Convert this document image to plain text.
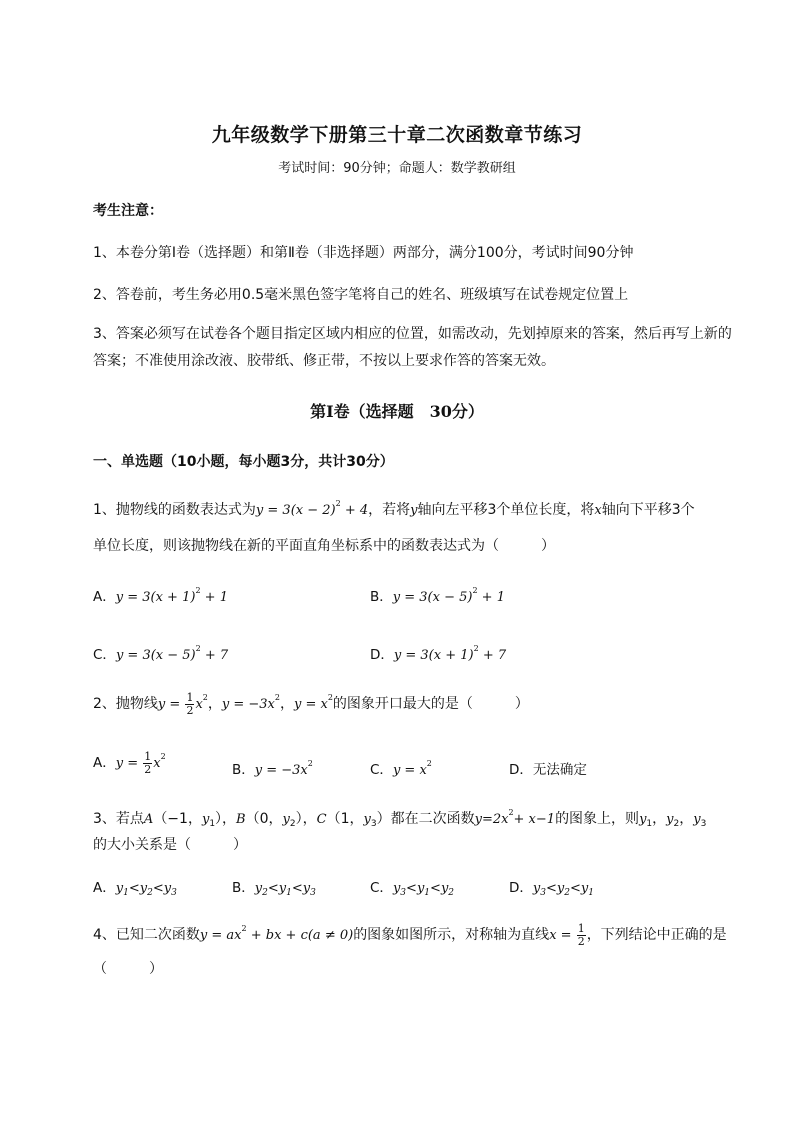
九年级数学下册第三十章二次函数章节练习
考试时间：90分钟；命题人：数学教研组
考生注意：
1、本卷分第I卷（选择题）和第Ⅱ卷（非选择题）两部分，满分100分，考试时间90分钟
2、答卷前，考生务必用0.5毫米黑色签字笔将自己的姓名、班级填写在试卷规定位置上
3、答案必须写在试卷各个题目指定区域内相应的位置，如需改动，先划掉原来的答案，然后再写上新的答案；不准使用涂改液、胶带纸、修正带，不按以上要求作答的答案无效。
第I卷（选择题　30分）
一、单选题（10小题，每小题3分，共计30分）
1、抛物线的函数表达式为$y = 3(x - 2)^2 + 4$，若将y轴向左平移3个单位长度，将x轴向下平移3个
单位长度，则该抛物线在新的平面直角坐标系中的函数表达式为（　　　）
A．$y = 3(x + 1)^2 + 1$	B．$y = 3(x - 5)^2 + 1$
C．$y = 3(x - 5)^2 + 7$	D．$y = 3(x + 1)^2 + 7$
2、抛物线$y = \frac{1}{2} x^2$，$y = -3x^2$，$y = x^2$的图象开口最大的是（　　　）
A．$y = \frac{1}{2} x^2$
B．$y = -3x^2$	C．$y = x^2$	D．无法确定
3、若点A（−1，$y_1$），B（0，$y_2$），C（1，$y_3$）都在二次函数$y=2x^2+ x-1$的图象上，则$y_1$，$y_2$，$y_3$
的大小关系是（　　　）
A．$y_1<y_2<y_3$	B．$y_2<y_1<y_3$	C．$y_3<y_1<y_2$	D．$y_3<y_2<y_1$
4、已知二次函数$y = ax^2$ + bx + c(a ≠ 0)的图象如图所示，对称轴为直线$x = \frac{1}{2}$ ，下列结论中正确的是
（　　　）
